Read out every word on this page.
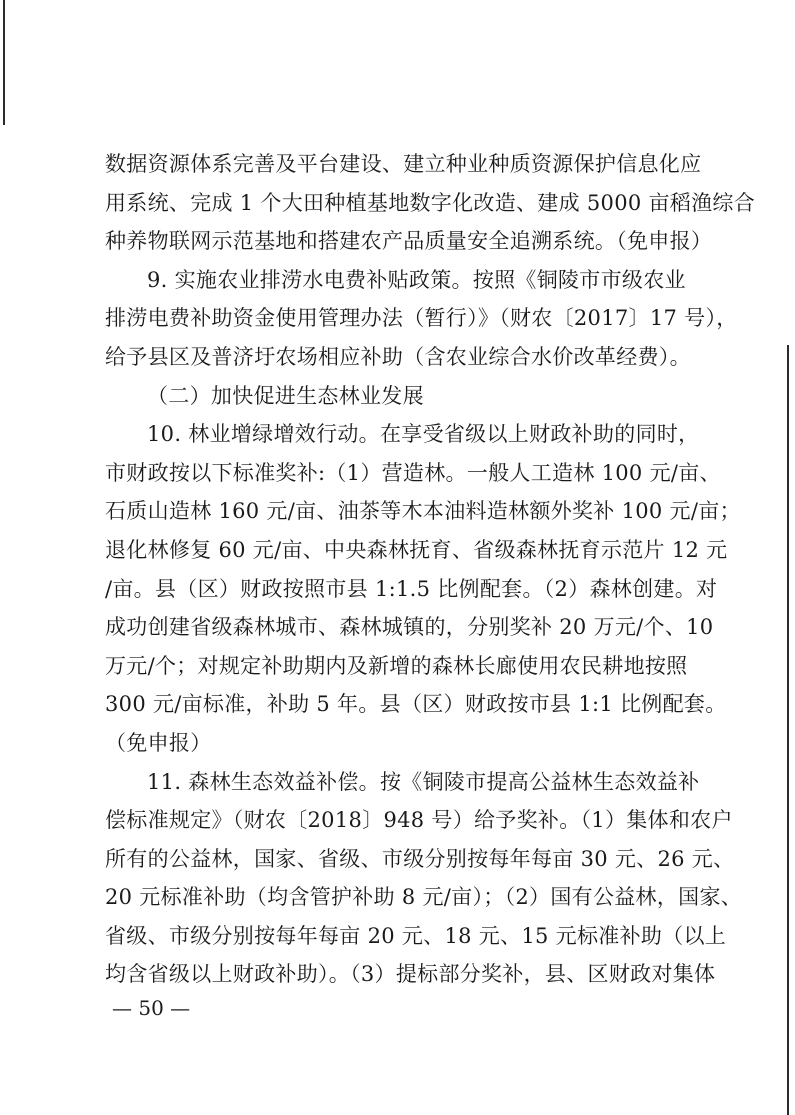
数据资源体系完善及平台建设、建立种业种质资源保护信息化应
用系统、完成 1 个大田种植基地数字化改造、建成 5000 亩稻渔综合
种养物联网示范基地和搭建农产品质量安全追溯系统。（免申报）
9. 实施农业排涝水电费补贴政策。按照《铜陵市市级农业
排涝电费补助资金使用管理办法（暂行）》（财农〔2017〕17 号），
给予县区及普济圩农场相应补助（含农业综合水价改革经费）。
（二）加快促进生态林业发展
10. 林业增绿增效行动。在享受省级以上财政补助的同时，
市财政按以下标准奖补:（1）营造林。一般人工造林 100 元/亩、
石质山造林 160 元/亩、油茶等木本油料造林额外奖补 100 元/亩；
退化林修复 60 元/亩、中央森林抚育、省级森林抚育示范片 12 元
/亩。县（区）财政按照市县 1:1.5 比例配套。（2）森林创建。对
成功创建省级森林城市、森林城镇的，分别奖补 20 万元/个、10
万元/个；对规定补助期内及新增的森林长廊使用农民耕地按照
300 元/亩标准，补助 5 年。县（区）财政按市县 1:1 比例配套。
（免申报）
11. 森林生态效益补偿。按《铜陵市提高公益林生态效益补
偿标准规定》（财农〔2018〕948 号）给予奖补。（1）集体和农户
所有的公益林，国家、省级、市级分别按每年每亩 30 元、26 元、
20 元标准补助（均含管护补助 8 元/亩）；（2）国有公益林，国家、
省级、市级分别按每年每亩 20 元、18 元、15 元标准补助（以上
均含省级以上财政补助）。（3）提标部分奖补，县、区财政对集体
— 50 —
